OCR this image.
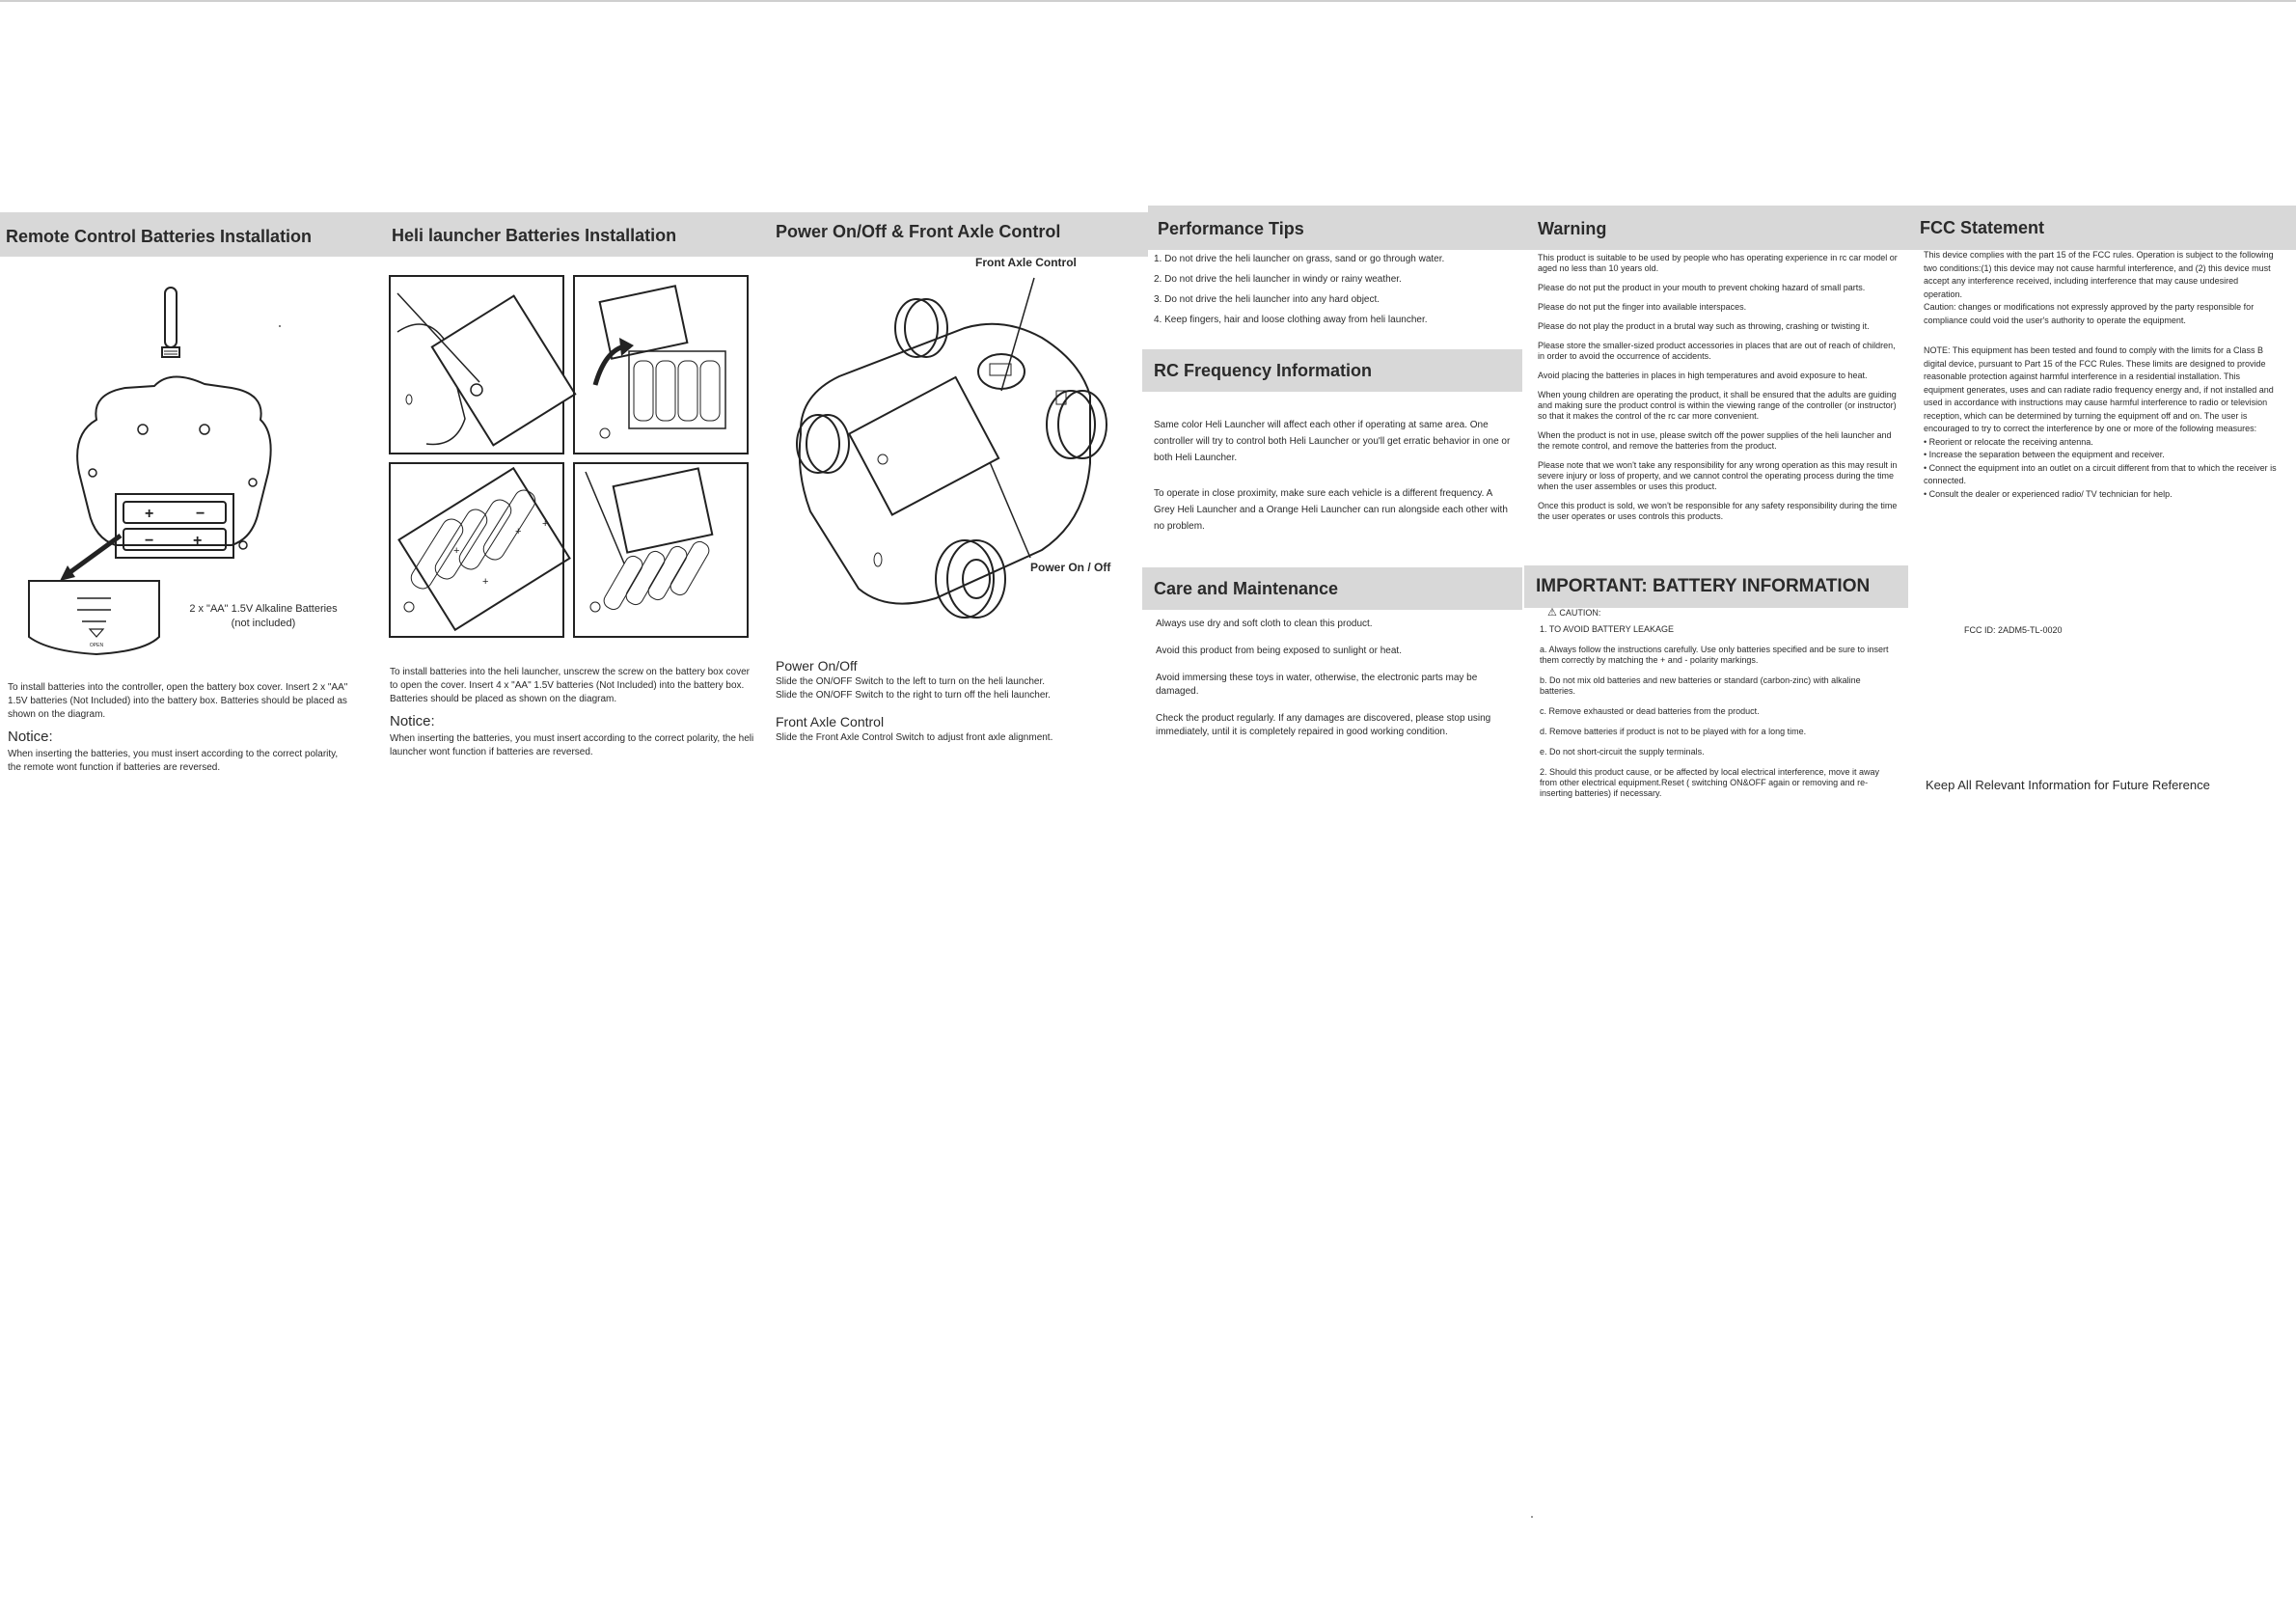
Remote Control Batteries Installation
+	−
−	+
OPEN
2 x "AA" 1.5V Alkaline Batteries
(not included)

To install batteries into the controller, open the battery box cover. Insert 2 x "AA" 1.5V batteries (Not Included) into the battery box. Batteries should be placed as shown on the diagram.

Notice:

When inserting the batteries, you must insert according to the correct polarity, the remote wont function if batteries are reversed.

Heli launcher Batteries Installation
+
+
+
+

To install batteries into the heli launcher, unscrew the screw on the battery box cover to open the cover. Insert 4 x "AA" 1.5V batteries (Not Included) into the battery box. Batteries should be placed as shown on the diagram.

Notice:

When inserting the batteries, you must insert according to the correct polarity, the heli launcher wont function if batteries are reversed.

Power On/Off & Front Axle Control
Front Axle Control
Power On / Off
Power On/Off
Slide the ON/OFF Switch to the left to turn on the heli launcher.
Slide the ON/OFF Switch to the right to turn off the heli launcher.
Front Axle Control
Slide the Front Axle Control Switch to adjust front axle alignment.
Performance Tips
1. Do not drive the heli launcher on grass, sand or go through water.
2. Do not drive the heli launcher in windy or rainy weather.
3. Do not drive the heli launcher into any hard object.
4. Keep fingers, hair and loose clothing away from heli launcher.
RC Frequency Information

Same color Heli Launcher will affect each other if operating at same area. One controller will try to control both Heli Launcher or you'll get erratic behavior in one or both Heli Launcher.

To operate in close proximity, make sure each vehicle is a different frequency. A Grey Heli Launcher and a Orange Heli Launcher can run alongside each other with no problem.

Care and Maintenance

Always use dry and soft cloth to clean this product.

Avoid this product from being exposed to sunlight or heat.

Avoid immersing these toys in water, otherwise, the electronic parts may be damaged.

Check the product regularly. If any damages are discovered, please stop using immediately, until it is completely repaired in good working condition.

Warning

This product is suitable to be used by people who has operating experience in rc car model or aged no less than 10 years old.

Please do not put the product in your mouth to prevent choking hazard of small parts.

Please do not put the finger into available interspaces.

Please do not play the product in a brutal way such as throwing, crashing or twisting it.

Please store the smaller-sized product accessories in places that are out of reach of children, in order to avoid the occurrence of accidents.

Avoid placing the batteries in places in high temperatures and avoid exposure to heat.

When young children are operating the product, it shall be ensured that the adults are guiding and making sure the product control is within the viewing range of the controller (or instructor) so that it makes the control of the rc car more convenient.

When the product is not in use, please switch off the power supplies of the heli launcher and the remote control, and remove the batteries from the product.

Please note that we won't take any responsibility for any wrong operation as this may result in severe injury or loss of property, and we cannot control the operating process during the time when the user assembles or uses this product.

Once this product is sold, we won't be responsible for any safety responsibility during the time the user operates or uses controls this products.

IMPORTANT: BATTERY INFORMATION

⚠ CAUTION:

1. TO AVOID BATTERY LEAKAGE

a. Always follow the instructions carefully. Use only batteries specified and be sure to insert them correctly by matching the + and - polarity markings.

b. Do not mix old batteries and new batteries or standard (carbon-zinc) with alkaline batteries.

c. Remove exhausted or dead batteries from the product.

d. Remove batteries if product is not to be played with for a long time.

e. Do not short-circuit the supply terminals.

2. Should this product cause, or be affected by local electrical interference, move it away from other electrical equipment.Reset ( switching ON&OFF again or removing and re-inserting batteries) if necessary.

FCC Statement

This device complies with the part 15 of the FCC rules. Operation is subject to the following two conditions:(1) this device may not cause harmful interference, and (2) this device must accept any interference received, including interference that may cause undesired operation.

Caution: changes or modifications not expressly approved by the party responsible for compliance could void the user's authority to operate the equipment.

NOTE: This equipment has been tested and found to comply with the limits for a Class B digital device, pursuant to Part 15 of the FCC Rules. These limits are designed to provide reasonable protection against harmful interference in a residential installation. This equipment generates, uses and can radiate radio frequency energy and, if not installed and used in accordance with instructions may cause harmful interference to radio or television reception, which can be determined by turning the equipment off and on. The user is encouraged to try to correct the interference by one or more of the following measures:

• Reorient or relocate the receiving antenna.
• Increase the separation between the equipment and receiver.
• Connect the equipment into an outlet on a circuit different from that to which the receiver is connected.
• Consult the dealer or experienced radio/ TV technician for help.
FCC ID: 2ADM5-TL-0020
Keep All Relevant Information for Future Reference
